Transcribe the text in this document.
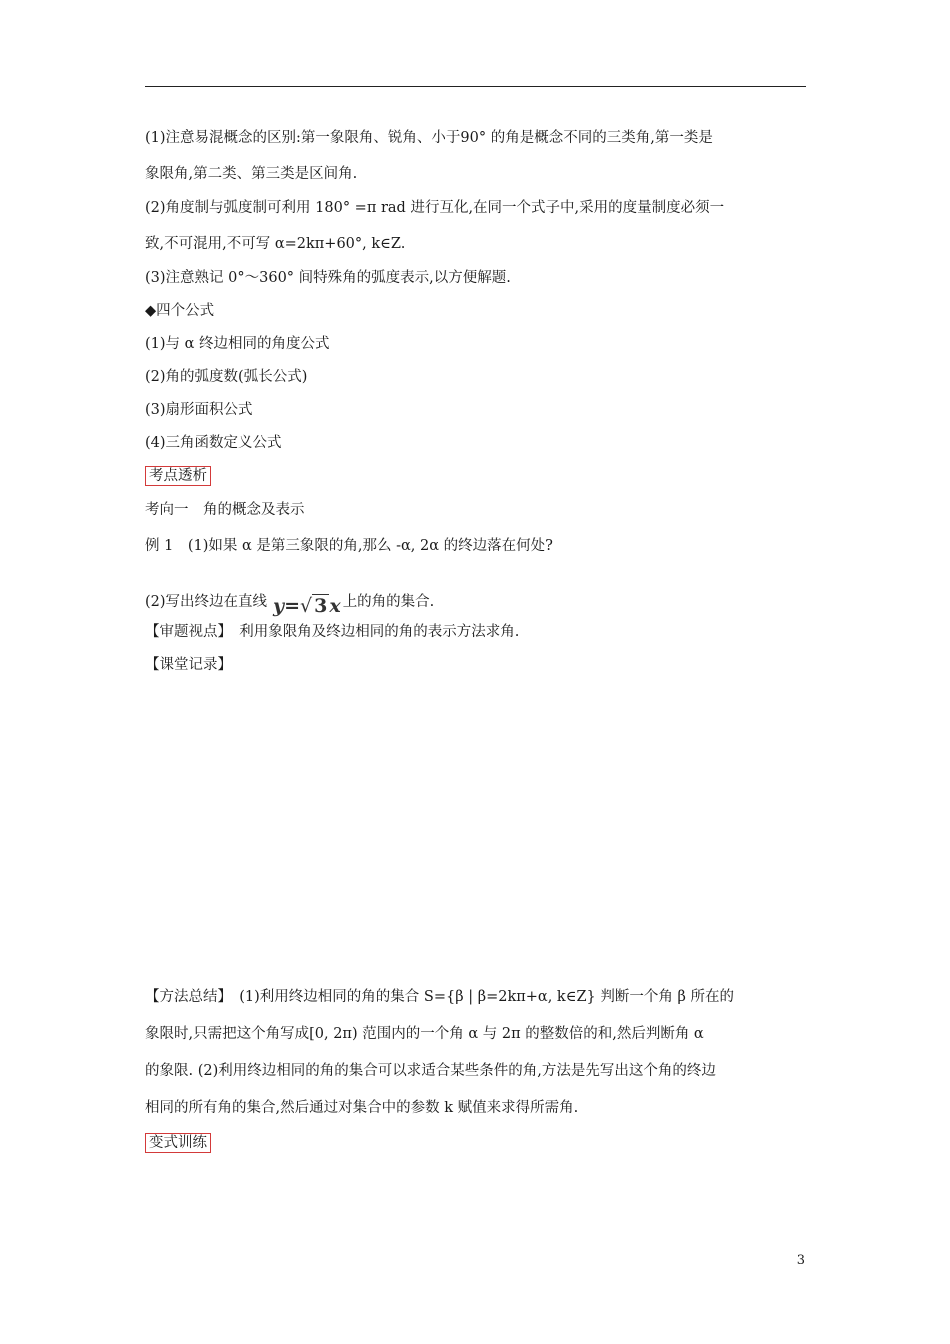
(1)注意易混概念的区别:第一象限角、锐角、小于90° 的角是概念不同的三类角,第一类是
象限角,第二类、第三类是区间角.
(2)角度制与弧度制可利用 180° =π rad 进行互化,在同一个式子中,采用的度量制度必须一
致,不可混用,不可写 α=2kπ+60°, k∈Z.
(3)注意熟记 0°～360° 间特殊角的弧度表示,以方便解题.
◆四个公式
(1)与 α 终边相同的角度公式
(2)角的弧度数(弧长公式)
(3)扇形面积公式
(4)三角函数定义公式
考点透析
考向一　角的概念及表示
例 1　(1)如果 α 是第三象限的角,那么 -α, 2α 的终边落在何处?
(2)写出终边在直线 y=√ 3 x 上的角的集合.
【审题视点】　利用象限角及终边相同的角的表示方法求角.
【课堂记录】
【方法总结】　(1)利用终边相同的角的集合 S={β | β=2kπ+α, k∈Z} 判断一个角 β 所在的
象限时,只需把这个角写成[0, 2π) 范围内的一个角 α 与 2π 的整数倍的和,然后判断角 α
的象限. (2)利用终边相同的角的集合可以求适合某些条件的角,方法是先写出这个角的终边
相同的所有角的集合,然后通过对集合中的参数 k 赋值来求得所需角.
变式训练
3
